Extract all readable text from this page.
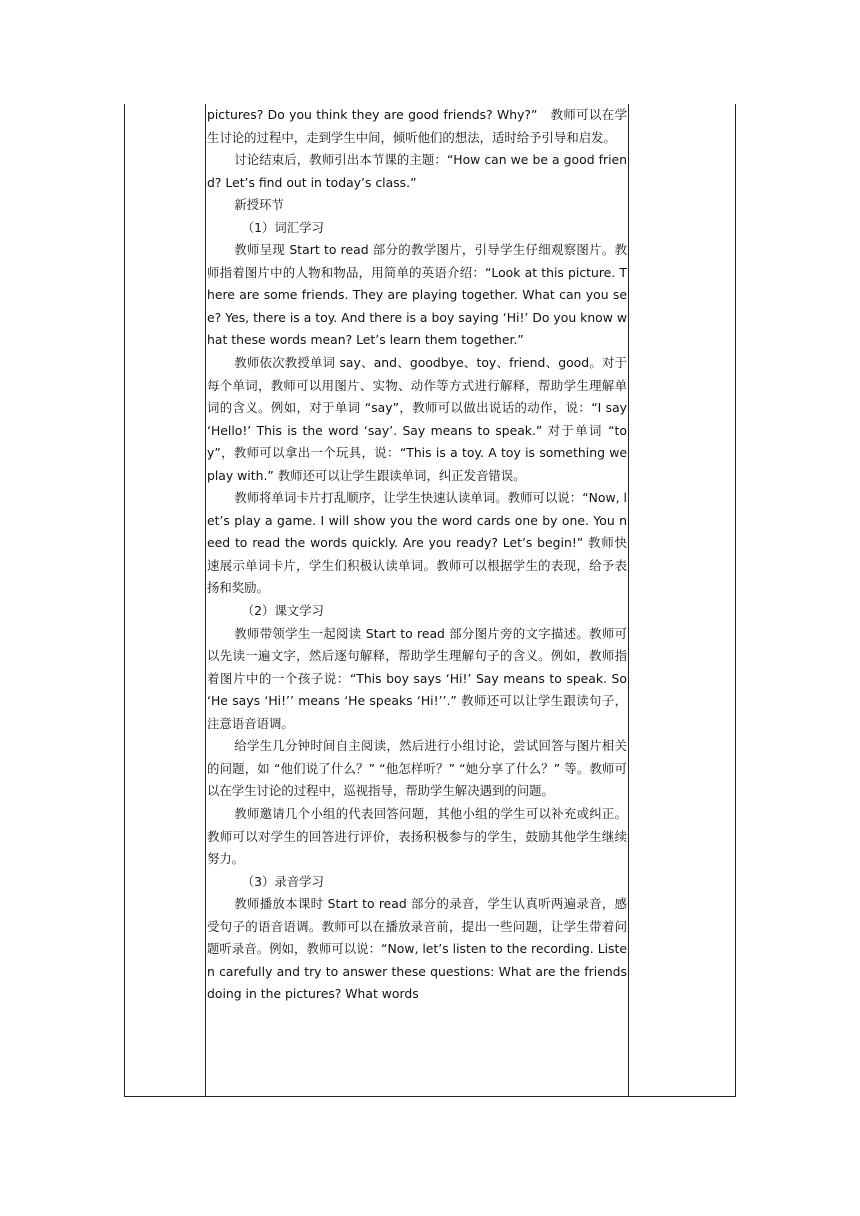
pictures? Do you think they are good friends? Why?”　教师可以在学生讨论的过程中，走到学生中间，倾听他们的想法，适时给予引导和启发。

讨论结束后，教师引出本节课的主题：“How can we be a good friend? Let’s find out in today’s class.”

新授环节

（1）词汇学习

教师呈现 Start to read 部分的教学图片，引导学生仔细观察图片。教师指着图片中的人物和物品，用简单的英语介绍：“Look at this picture. There are some friends. They are playing together. What can you see? Yes, there is a toy. And there is a boy saying ‘Hi!’ Do you know what these words mean? Let’s learn them together.”

教师依次教授单词 say、and、goodbye、toy、friend、good。对于每个单词，教师可以用图片、实物、动作等方式进行解释，帮助学生理解单词的含义。例如，对于单词 “say”，教师可以做出说话的动作，说：“I say ‘Hello!’ This is the word ‘say’. Say means to speak.” 对于单词 “toy”，教师可以拿出一个玩具，说：“This is a toy. A toy is something we play with.” 教师还可以让学生跟读单词，纠正发音错误。

教师将单词卡片打乱顺序，让学生快速认读单词。教师可以说：“Now, let’s play a game. I will show you the word cards one by one. You need to read the words quickly. Are you ready? Let’s begin!” 教师快速展示单词卡片，学生们积极认读单词。教师可以根据学生的表现，给予表扬和奖励。

（2）课文学习

教师带领学生一起阅读 Start to read 部分图片旁的文字描述。教师可以先读一遍文字，然后逐句解释，帮助学生理解句子的含义。例如，教师指着图片中的一个孩子说：“This boy says ‘Hi!’ Say means to speak. So ‘He says ‘Hi!’’ means ‘He speaks ‘Hi!’’.” 教师还可以让学生跟读句子，注意语音语调。

给学生几分钟时间自主阅读，然后进行小组讨论，尝试回答与图片相关的问题，如 “他们说了什么？” “他怎样听？” “她分享了什么？” 等。教师可以在学生讨论的过程中，巡视指导，帮助学生解决遇到的问题。

教师邀请几个小组的代表回答问题，其他小组的学生可以补充或纠正。教师可以对学生的回答进行评价，表扬积极参与的学生，鼓励其他学生继续努力。

（3）录音学习

教师播放本课时 Start to read 部分的录音，学生认真听两遍录音，感受句子的语音语调。教师可以在播放录音前，提出一些问题，让学生带着问题听录音。例如，教师可以说：“Now, let’s listen to the recording. Listen carefully and try to answer these questions: What are the friends doing in the pictures? What words
